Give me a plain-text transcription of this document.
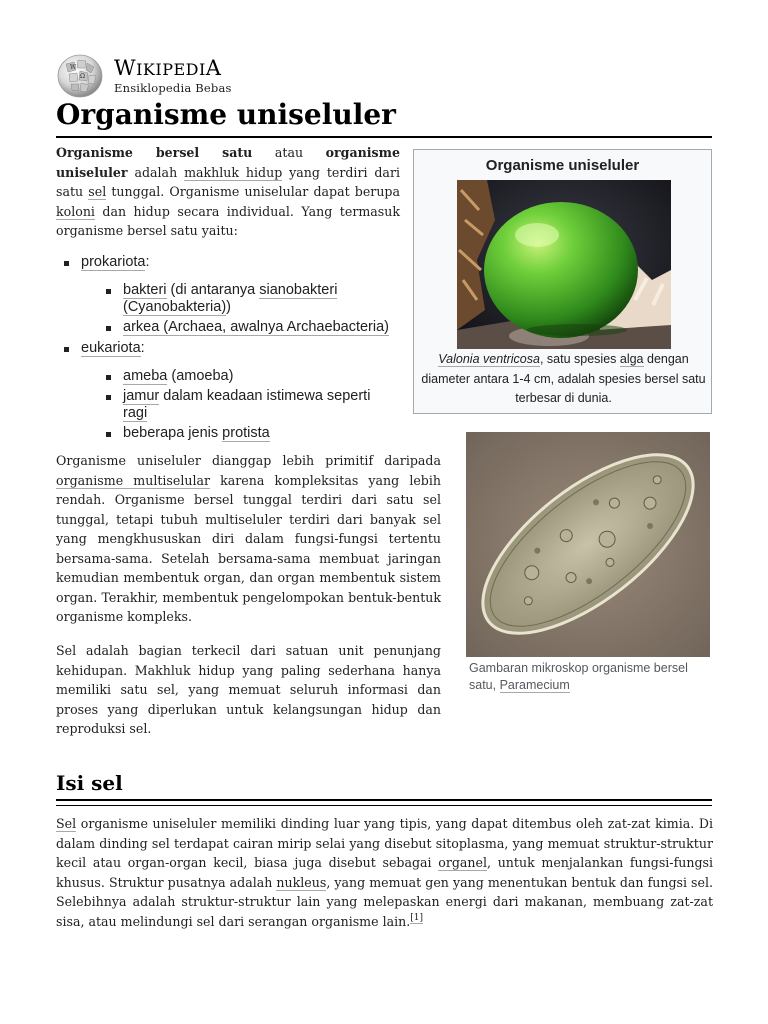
W
Ω WIKIPEDIA
Ensiklopedia Bebas
Organisme uniseluler

Organisme bersel satu atau organisme uniseluler adalah makhluk hidup yang terdiri dari satu sel tunggal. Organisme uniselular dapat berupa koloni dan hidup secara individual. Yang termasuk organisme bersel satu yaitu:

prokariota:
bakteri (di antaranya sianobakteri
(Cyanobakteria))
arkea (Archaea, awalnya Archaebacteria)
eukariota:
ameba (amoeba)
jamur dalam keadaan istimewa seperti
ragi
beberapa jenis protista
Organisme uniseluler
Valonia ventricosa, satu spesies alga dengan diameter antara 1-4 cm, adalah spesies bersel satu terbesar di dunia.

Organisme uniseluler dianggap lebih primitif daripada organisme multiselular karena kompleksitas yang lebih rendah. Organisme bersel tunggal terdiri dari satu sel tunggal, tetapi tubuh multiseluler terdiri dari banyak sel yang mengkhususkan diri dalam fungsi-fungsi tertentu bersama-sama. Setelah bersama-sama membuat jaringan kemudian membentuk organ, dan organ membentuk sistem organ. Terakhir, membentuk pengelompokan bentuk-bentuk organisme kompleks.

Sel adalah bagian terkecil dari satuan unit penunjang kehidupan. Makhluk hidup yang paling sederhana hanya memiliki satu sel, yang memuat seluruh informasi dan proses yang diperlukan untuk kelangsungan hidup dan reproduksi sel.

Gambaran mikroskop organisme bersel satu, Paramecium
Isi sel

Sel organisme uniseluler memiliki dinding luar yang tipis, yang dapat ditembus oleh zat-zat kimia. Di dalam dinding sel terdapat cairan mirip selai yang disebut sitoplasma, yang memuat struktur-struktur kecil atau organ-organ kecil, biasa juga disebut sebagai organel, untuk menjalankan fungsi-fungsi khusus. Struktur pusatnya adalah nukleus, yang memuat gen yang menentukan bentuk dan fungsi sel. Selebihnya adalah struktur-struktur lain yang melepaskan energi dari makanan, membuang zat-zat sisa, atau melindungi sel dari serangan organisme lain.[1]
